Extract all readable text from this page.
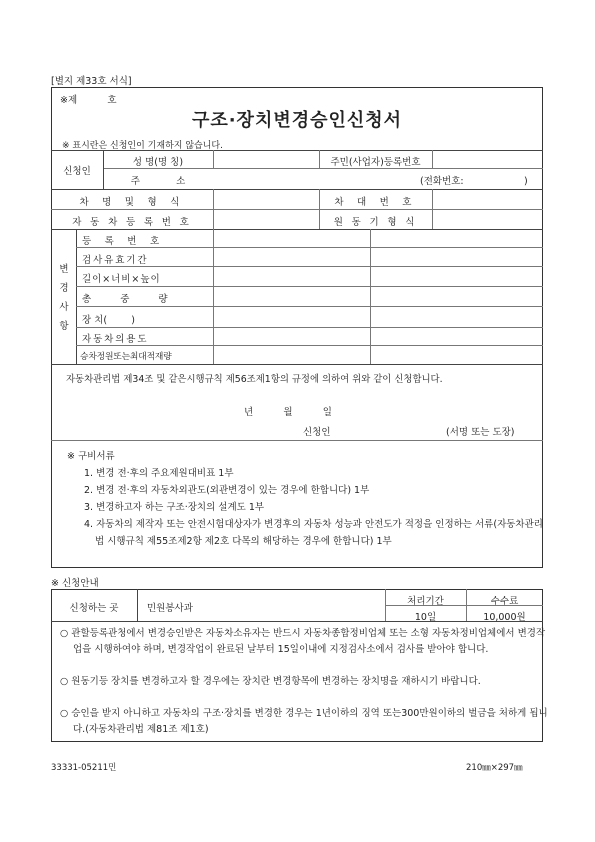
[별지 제33호 서식]
※제          호
구조·장치변경승인신청서
※ 표시란은 신청인이 기재하지 않습니다.
신청인
성 명(명 칭)	주민(사업자)등록번호
주            소	(전화번호:                    )
차 명 및 형 식	차 대 번 호
자 동 차 등 록 번 호	원 동 기 형 식
변
경
사
항
등 록 번 호
검사유효기간
길이×너비×높이
총 중 량
장 치(        )
자동차의용도
승차정원또는최대적재량
자동차관리법 제34조 및 같은시행규칙 제56조제1항의 규정에 의하여 위와 같이 신청합니다.
년          월          일
신청인	(서명 또는 도장)
※ 구비서류
1. 변경 전·후의 주요제원대비표 1부
2. 변경 전·후의 자동차외관도(외관변경이 있는 경우에 한합니다) 1부
3. 변경하고자 하는 구조·장치의 설계도 1부
4. 자동차의 제작자 또는 안전시험대상자가 변경후의 자동차 성능과 안전도가 적정을 인정하는 서류(자동차관리법 시행규칙 제55조제2항 제2호 다목의 해당하는 경우에 한합니다) 1부
※ 신청안내
신청하는 곳	민원봉사과
처리기간	수수료
10일	10,000원
○ 관할등록관청에서 변경승인받은 자동차소유자는 반드시 자동차종합정비업체 또는 소형 자동차정비업체에서 변경작업을 시행하여야 하며, 변경작업이 완료된 날부터 15일이내에 지정검사소에서 검사를 받아야 합니다.
○ 원동기등 장치를 변경하고자 할 경우에는 장치란 변경항목에 변경하는 장치명을 재하시기 바랍니다.
○ 승인을 받지 아니하고 자동차의 구조·장치를 변경한 경우는 1년이하의 징역 또는300만원이하의 벌금을 처하게 됩니다.(자동차관리법 제81조 제1호)
33331-05211민	210㎜×297㎜
